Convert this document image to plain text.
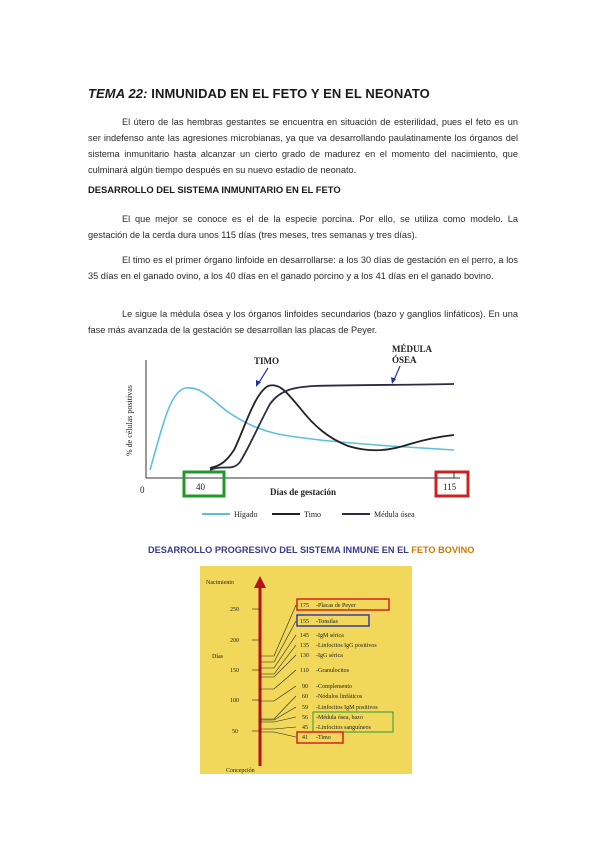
TEMA 22: INMUNIDAD EN EL FETO Y EN EL NEONATO

El útero de las hembras gestantes se encuentra en situación de esterilidad, pues el feto es un ser indefenso ante las agresiones microbianas, ya que va desarrollando paulatinamente los órganos del sistema inmunitario hasta alcanzar un cierto grado de madurez en el momento del nacimiento, que culminará algún tiempo después en su nuevo estadio de neonato.

DESARROLLO DEL SISTEMA INMUNITARIO EN EL FETO

El que mejor se conoce es el de la especie porcina. Por ello, se utiliza como modelo. La gestación de la cerda dura unos 115 días (tres meses, tres semanas y tres días).

El timo es el primer órgano linfoide en desarrollarse: a los 30 días de gestación en el perro, a los 35 días en el ganado ovino, a los 40 días en el ganado porcino y a los 41 días en el ganado bovino.

Le sigue la médula ósea y los órganos linfoides secundarios (bazo y ganglios linfáticos). En una fase más avanzada de la gestación se desarrollan las placas de Peyer.

% de células positivas
0	40	115
Días de gestación
TIMO
MÉDULA
ÓSEA
Hígado	Timo	Médula ósea
DESARROLLO PROGRESIVO DEL SISTEMA INMUNE EN EL FETO BOVINO
Nacimiento
Concepción
Días
250
200
150
100
50
175 -Placas de Peyer
155 -Tonsilas
145 -IgM sérica
135 -Linfocitos IgG positivos
130 -IgG sérica
110 -Granulocitos
90 -Complemento
60 -Nódulos linfáticos
59 -Linfocitos IgM positivos
56 -Médula ósea, bazo
45 -Linfocitos sanguíneos
41 -Timo
